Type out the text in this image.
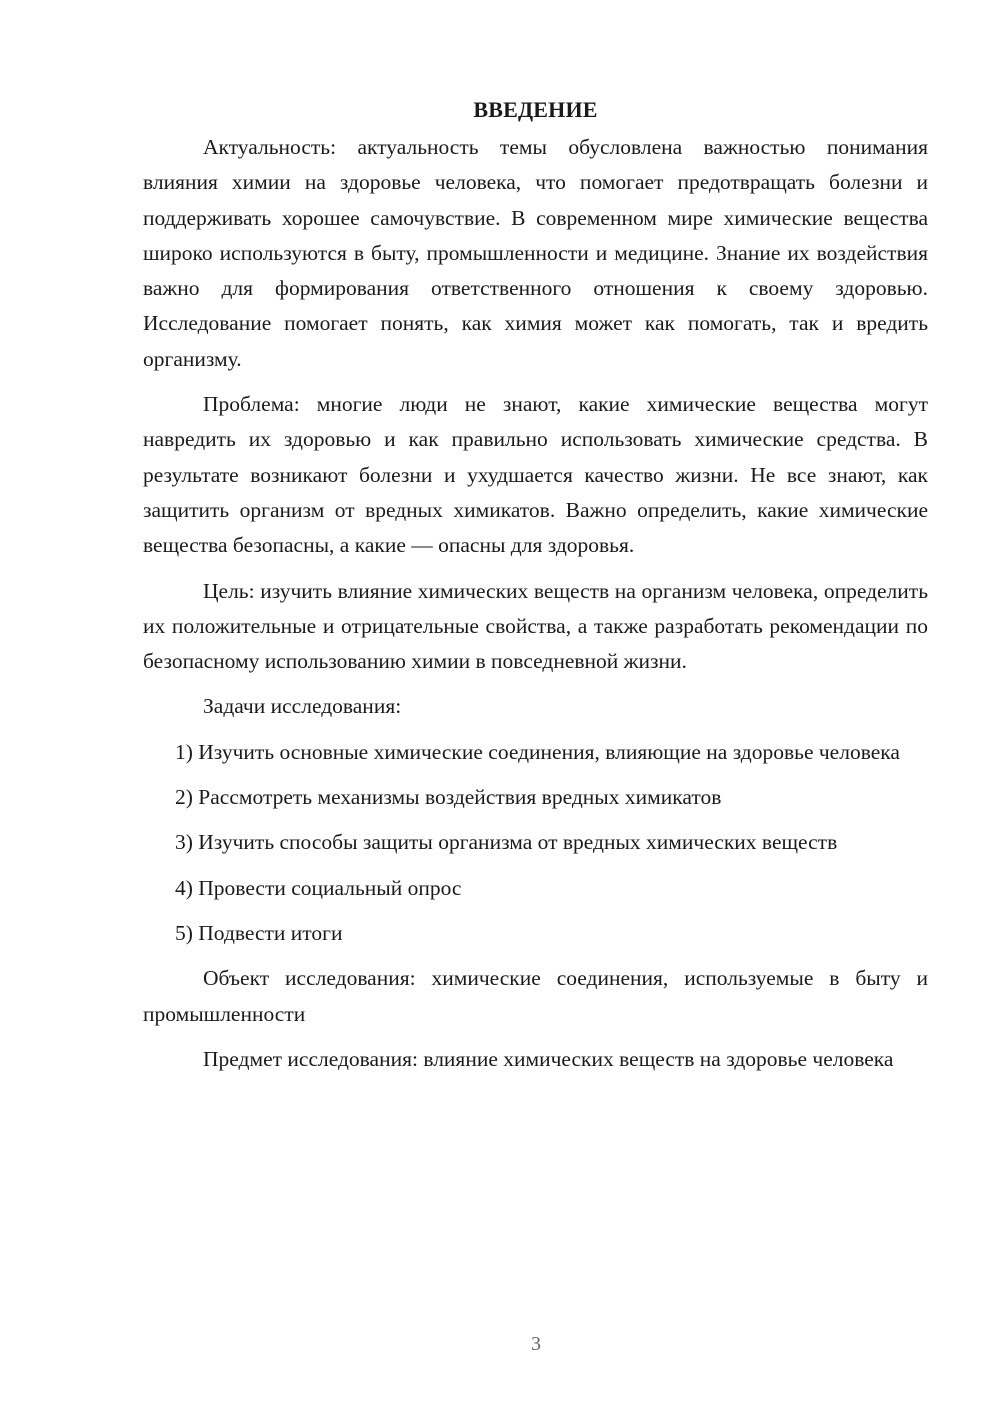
ВВЕДЕНИЕ

Актуальность: актуальность темы обусловлена важностью понимания влияния химии на здоровье человека, что помогает предотвращать болезни и поддерживать хорошее самочувствие. В современном мире химические вещества широко используются в быту, промышленности и медицине. Знание их воздействия важно для формирования ответственного отношения к своему здоровью. Исследование помогает понять, как химия может как помогать, так и вредить организму.

Проблема: многие люди не знают, какие химические вещества могут навредить их здоровью и как правильно использовать химические средства. В результате возникают болезни и ухудшается качество жизни. Не все знают, как защитить организм от вредных химикатов. Важно определить, какие химические вещества безопасны, а какие — опасны для здоровья.

Цель: изучить влияние химических веществ на организм человека, определить их положительные и отрицательные свойства, а также разработать рекомендации по безопасному использованию химии в повседневной жизни.

Задачи исследования:

1) Изучить основные химические соединения, влияющие на здоровье человека

2) Рассмотреть механизмы воздействия вредных химикатов

3) Изучить способы защиты организма от вредных химических веществ

4) Провести социальный опрос

5) Подвести итоги

Объект исследования: химические соединения, используемые в быту и промышленности

Предмет исследования: влияние химических веществ на здоровье человека

3
